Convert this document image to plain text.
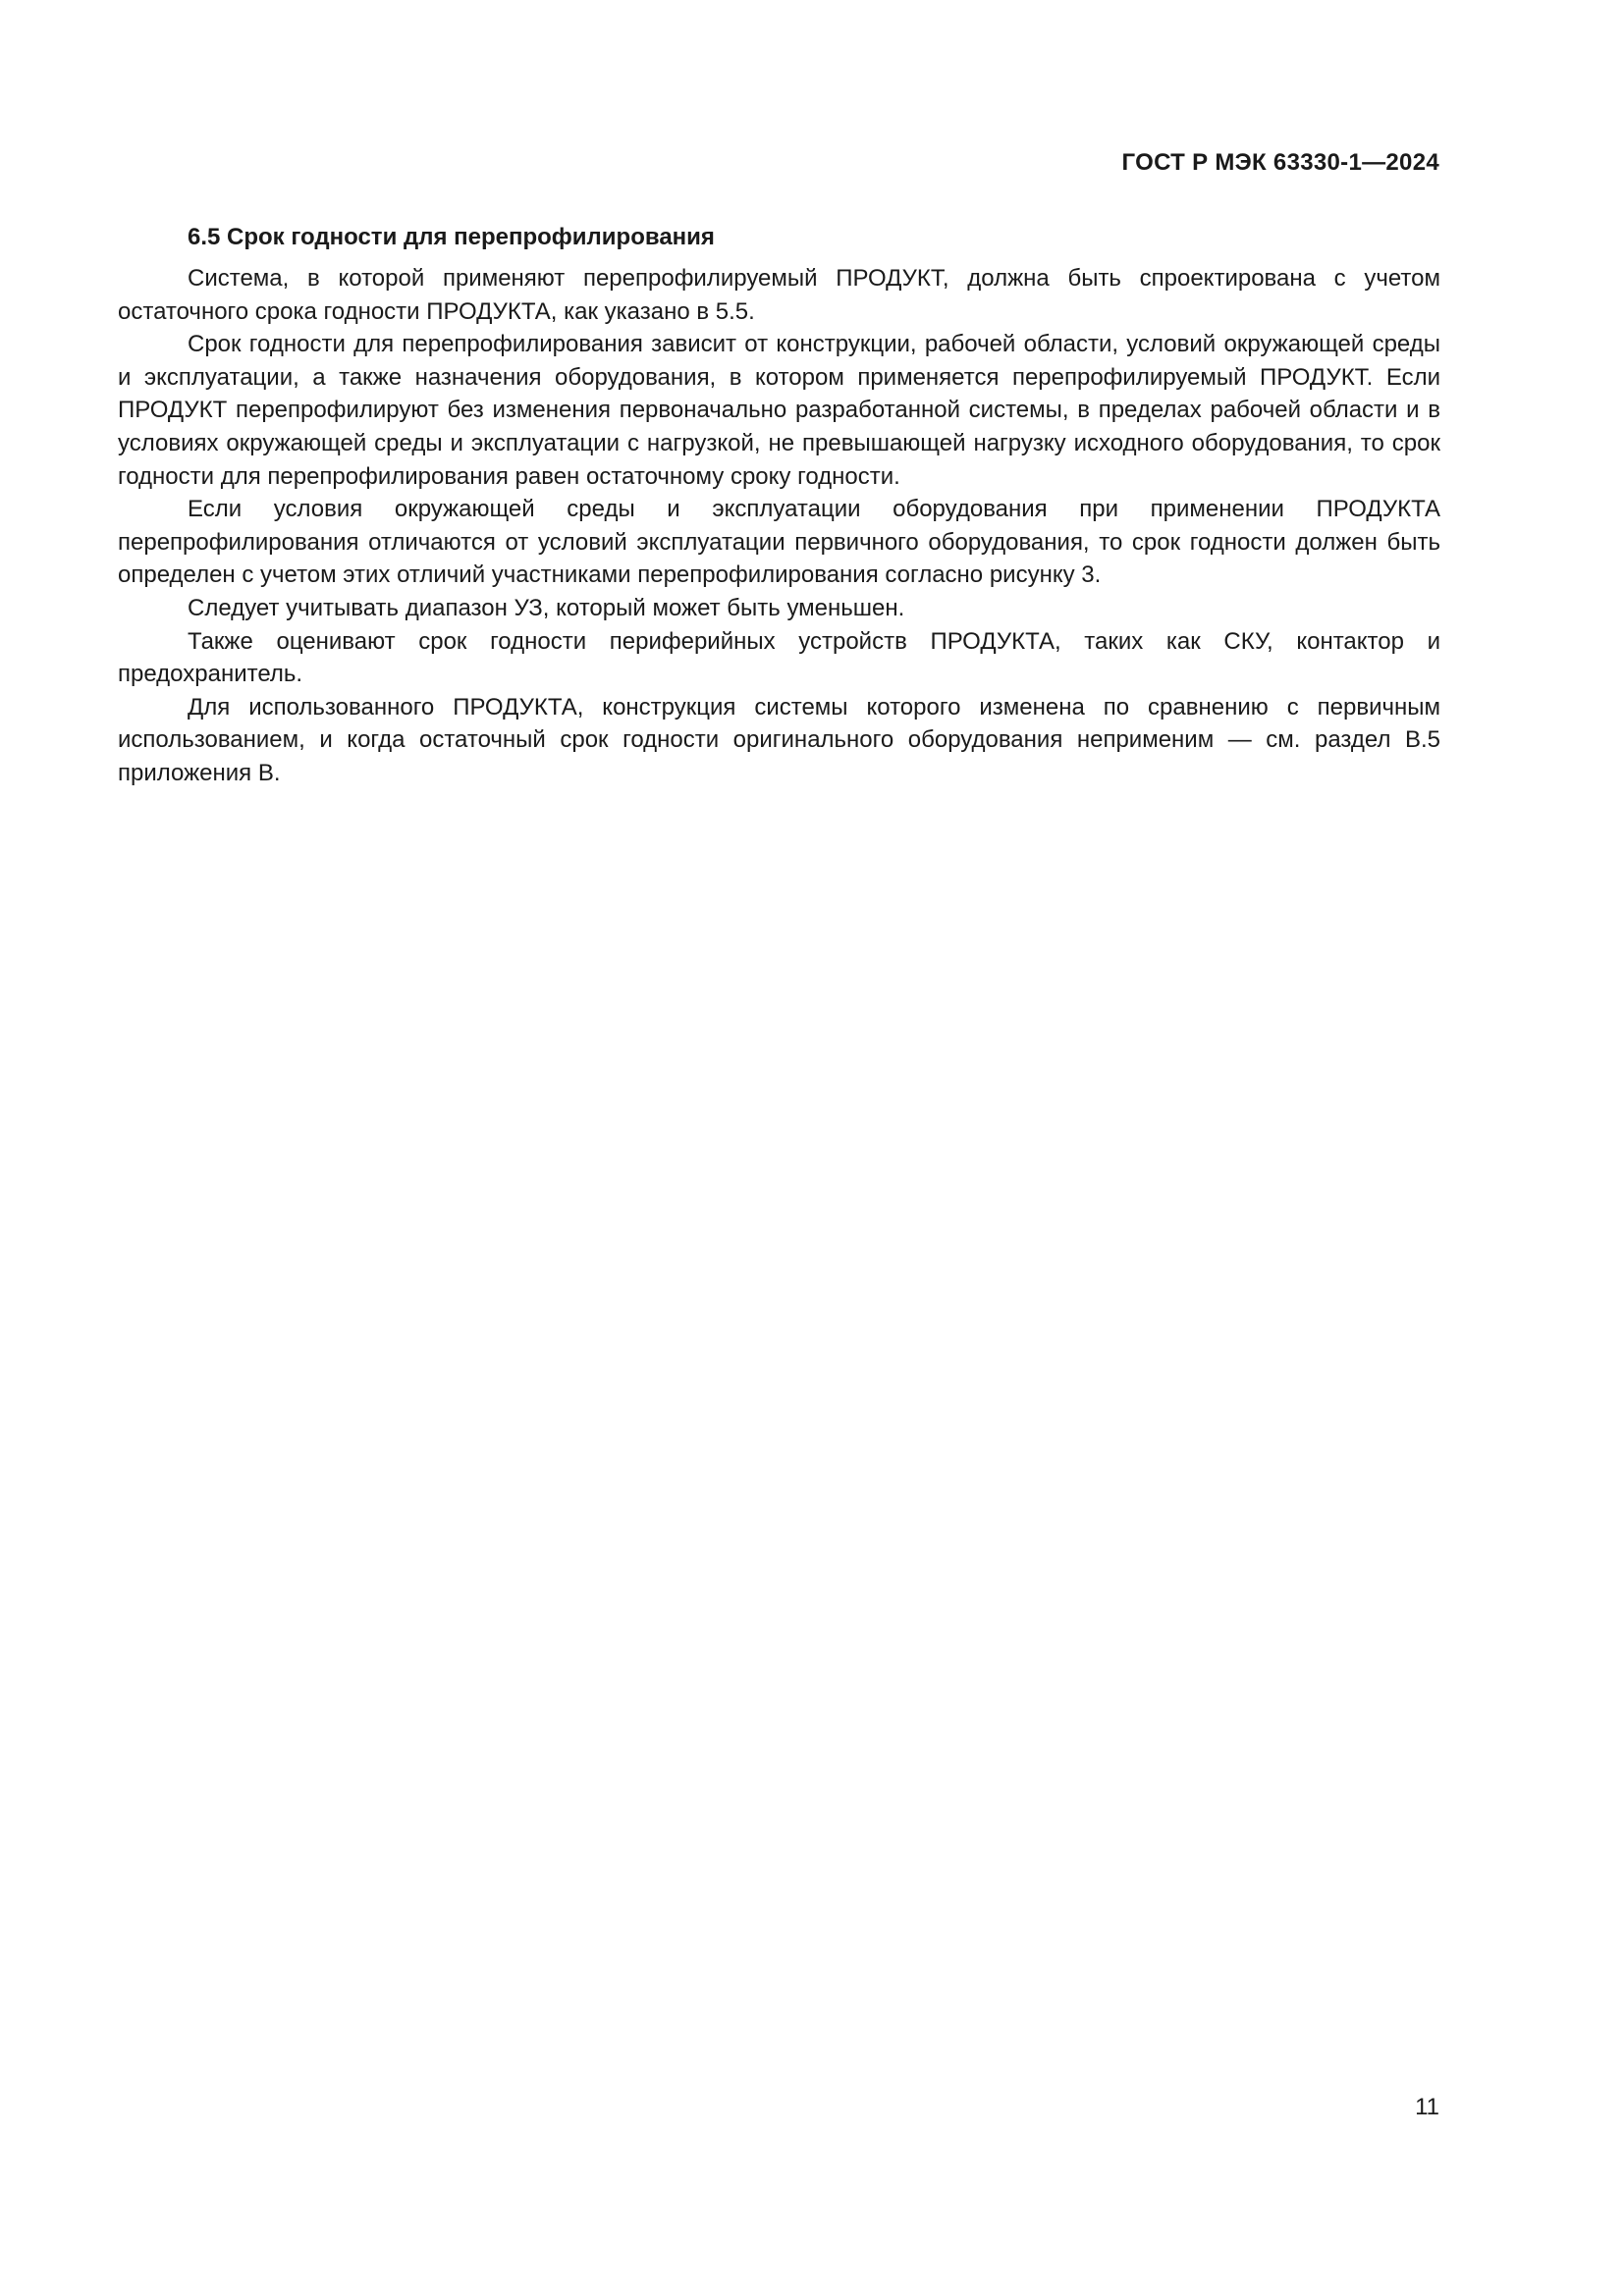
ГОСТ Р МЭК 63330-1—2024
6.5 Срок годности для перепрофилирования

Система, в которой применяют перепрофилируемый ПРОДУКТ, должна быть спроектирована с учетом остаточного срока годности ПРОДУКТА, как указано в 5.5.

Срок годности для перепрофилирования зависит от конструкции, рабочей области, условий окружающей среды и эксплуатации, а также назначения оборудования, в котором применяется перепрофилируемый ПРОДУКТ. Если ПРОДУКТ перепрофилируют без изменения первоначально разработанной системы, в пределах рабочей области и в условиях окружающей среды и эксплуатации с нагрузкой, не превышающей нагрузку исходного оборудования, то срок годности для перепрофилирования равен остаточному сроку годности.

Если условия окружающей среды и эксплуатации оборудования при применении ПРОДУКТА перепрофилирования отличаются от условий эксплуатации первичного оборудования, то срок годности должен быть определен с учетом этих отличий участниками перепрофилирования согласно рисунку 3.

Следует учитывать диапазон УЗ, который может быть уменьшен.

Также оценивают срок годности периферийных устройств ПРОДУКТА, таких как СКУ, контактор и предохранитель.

Для использованного ПРОДУКТА, конструкция системы которого изменена по сравнению с первичным использованием, и когда остаточный срок годности оригинального оборудования неприменим — см. раздел B.5 приложения B.

11
